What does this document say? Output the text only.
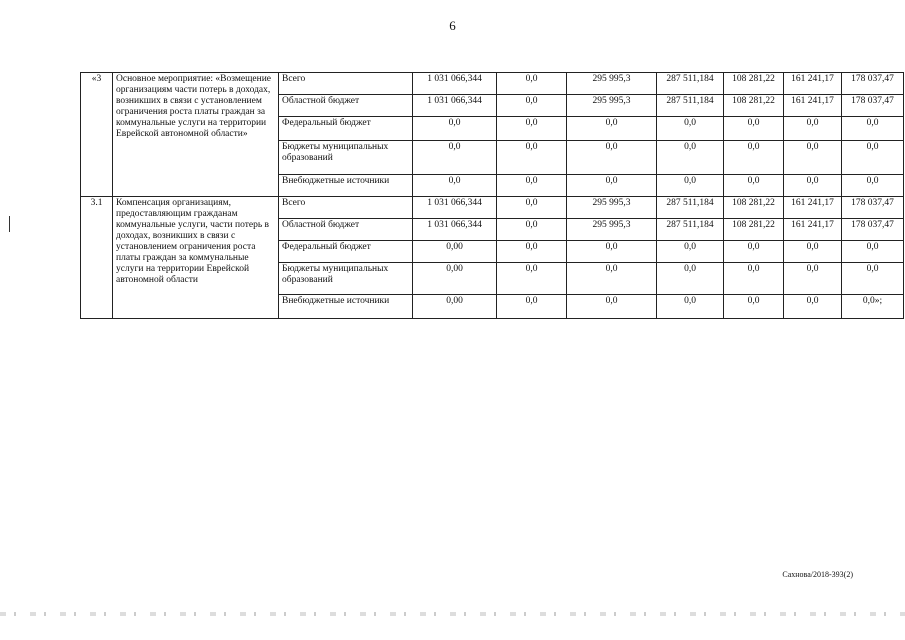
6
«3	Основное мероприятие: «Возмещение организациям части потерь в доходах, возникших в связи с установлением ограничения роста платы граждан за коммунальные услуги на территории Еврейской автономной области»	Всего	1 031 066,344	0,0	295 995,3	287 511,184	108 281,22	161 241,17	178 037,47
		Областной бюджет	1 031 066,344	0,0	295 995,3	287 511,184	108 281,22	161 241,17	178 037,47
		Федеральный бюджет	0,0	0,0	0,0	0,0	0,0	0,0	0,0
		Бюджеты муниципальных образований	0,0	0,0	0,0	0,0	0,0	0,0	0,0
		Внебюджетные источники	0,0	0,0	0,0	0,0	0,0	0,0	0,0
3.1	Компенсация организациям, предоставляющим гражданам коммунальные услуги, части потерь в доходах, возникших в связи с установлением ограничения роста платы граждан за коммунальные услуги на территории Еврейской автономной области	Всего	1 031 066,344	0,0	295 995,3	287 511,184	108 281,22	161 241,17	178 037,47
		Областной бюджет	1 031 066,344	0,0	295 995,3	287 511,184	108 281,22	161 241,17	178 037,47
		Федеральный бюджет	0,00	0,0	0,0	0,0	0,0	0,0	0,0
		Бюджеты муниципальных образований	0,00	0,0	0,0	0,0	0,0	0,0	0,0
		Внебюджетные источники	0,00	0,0	0,0	0,0	0,0	0,0	0,0»;
Сахнова/2018-393(2)
